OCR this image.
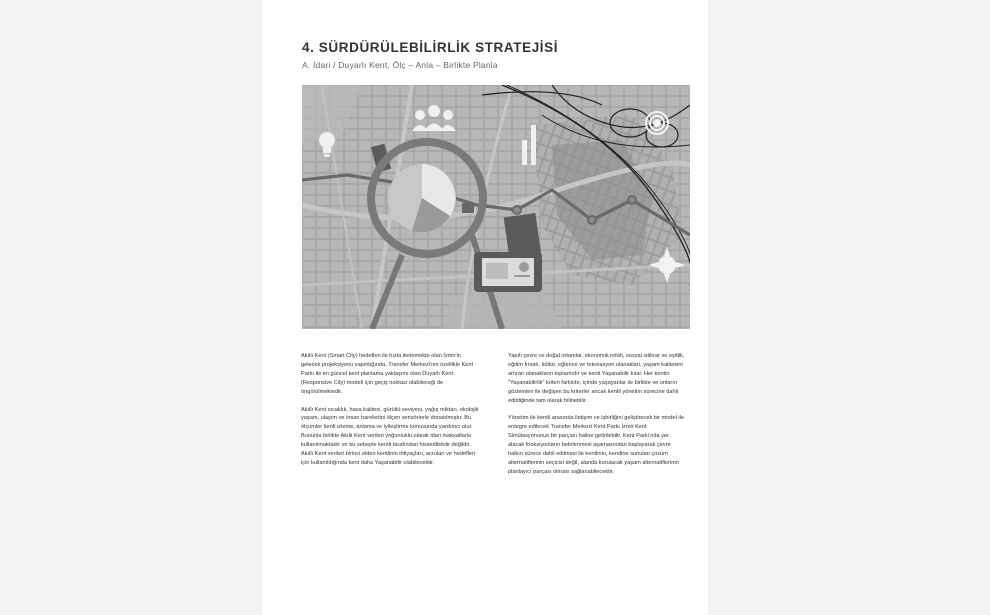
4. SÜRDÜRÜLEBİLİRLİK STRATEJİSİ
A. İdari / Duyarlı Kent, Ölç – Anla – Birlikte Planla

Akıllı Kent (Smart City) hedefleri ile hızla ilerlemekte olan İzmir'in gelecek projeksiyonu yapıldığında, Transfer Merkezi'nin özellikle Kent Parkı ile en güncel kent planlama yaklaşımı olan Duyarlı Kent (Responsive City) modeli için geçiş noktası olabileceği de öngörülmektedir.

Akıllı Kent sıcaklık, hava kalitesi, gürültü seviyesi, yağış miktarı, ekolojik yaşam, ulaşım ve insan hareketini ölçen sensörlerle donatılmıştır. Bu ölçümler kenti izleme, anlama ve iyileştirme konusunda yardımcı olur. Bununla birlikte Akıllı Kent verileri yoğunluklu olarak idari maksatlarla kullanılmaktadır ve bu sebeple kentli tarafından hissedilebilir değildir. Akıllı Kent verileri birinci elden kentlinin ihtiyaçları, arzuları ve hedefleri için kullanıldığında kent daha Yaşanabilir olabilecektir.

Yapılı çevre ve doğal ortamlar, ekonomik refah, sosyal istikrar ve eşitlik, eğitim fırsatı, kültür, eğlence ve rekreasyon olanakları, yaşam kalitesini artıran olanakların toplamıdır ve kenti Yaşanabilir kılar. Her kentin "Yaşanabilirlik" kriteri farklıdır, içinde yaşayanlar ile birlikte ve onların gözlemleri ile değişen bu kriterler ancak kentli yönetim sürecine dahil edildiğinde tam olarak bilinebilir.

Yönetim ile kentli arasında iletişim ve işbirliğini geliştirecek bir model ile entegre edilecek Transfer Merkezi Kent Parkı İzmir Kent Simülasyonunun bir parçası haline getirilebilir. Kent Parkı'nda yer alacak fonksiyonların belirlenmesi aşamasından başlayarak çevre halkın sürece dahil edilmesi ile kentlinin, kendine sunulan çözüm alternatiflerinin seçicisi değil, alanda kurulacak yaşam alternatiflerinin planlayıcı parçası olması sağlanabilecektir.
